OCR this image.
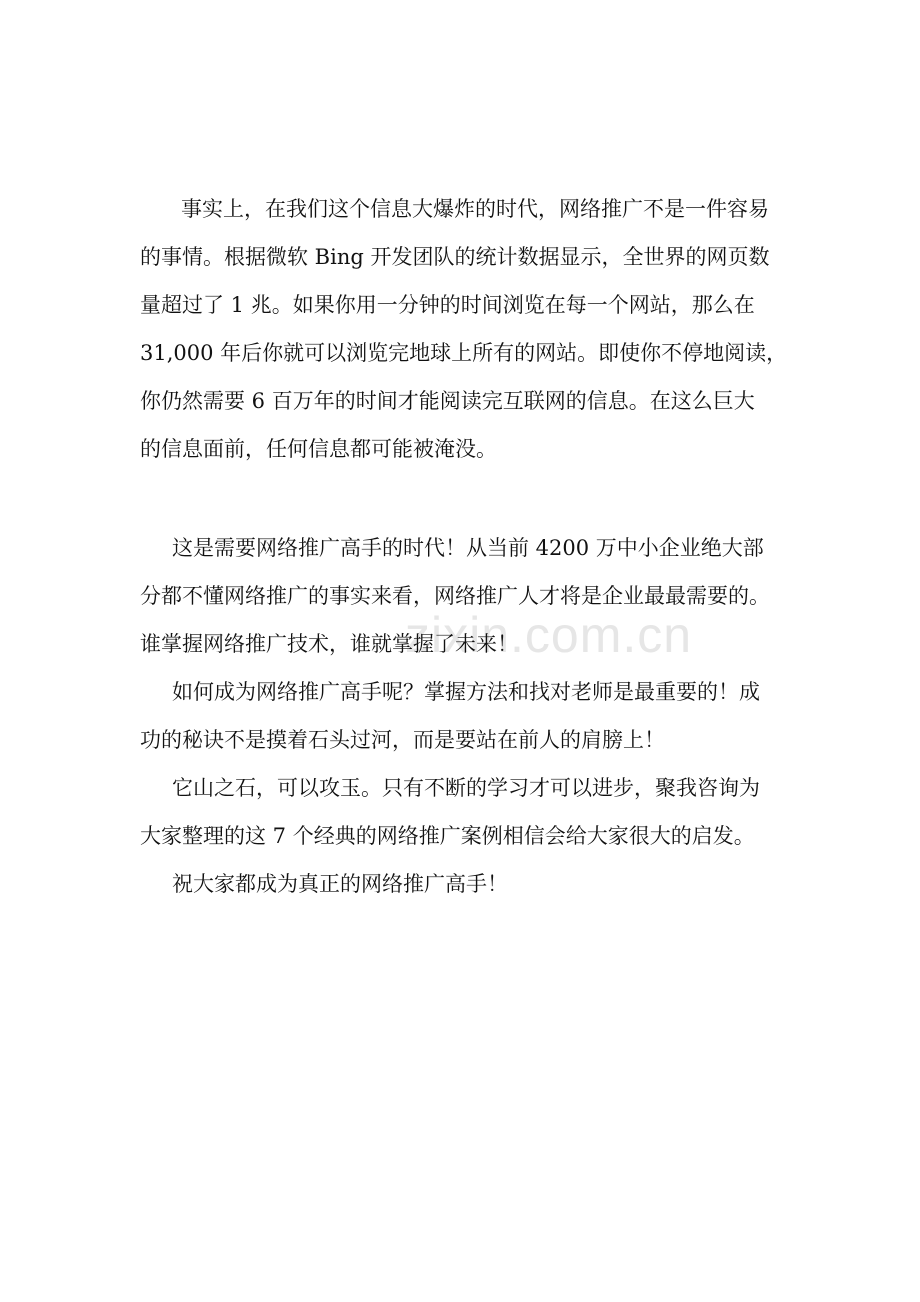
zixin.com.cn
　事实上，在我们这个信息大爆炸的时代，网络推广不是一件容易
的事情。根据微软 Bing 开发团队的统计数据显示，全世界的网页数
量超过了 1 兆。如果你用一分钟的时间浏览在每一个网站，那么在
31,000 年后你就可以浏览完地球上所有的网站。即使你不停地阅读，
你仍然需要 6 百万年的时间才能阅读完互联网的信息。在这么巨大
的信息面前，任何信息都可能被淹没。
这是需要网络推广高手的时代！从当前 4200 万中小企业绝大部
分都不懂网络推广的事实来看，网络推广人才将是企业最最需要的。
谁掌握网络推广技术，谁就掌握了未来！
如何成为网络推广高手呢？掌握方法和找对老师是最重要的！成
功的秘诀不是摸着石头过河，而是要站在前人的肩膀上！
它山之石，可以攻玉。只有不断的学习才可以进步，聚我咨询为
大家整理的这 7 个经典的网络推广案例相信会给大家很大的启发。
祝大家都成为真正的网络推广高手！
